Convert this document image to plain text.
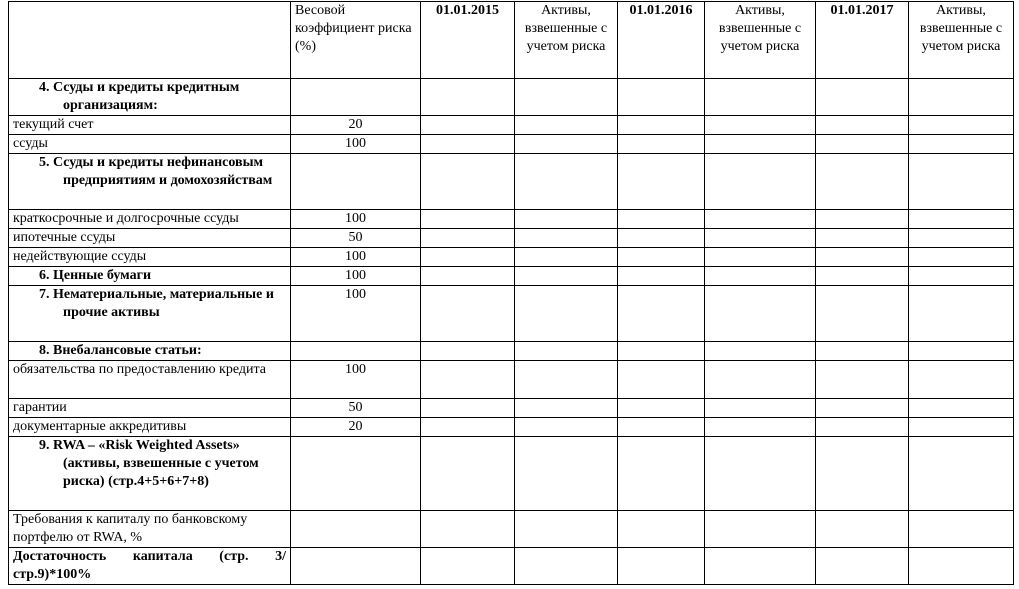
	Весовой коэффициент риска (%)	01.01.2015	Активы, взвешенные с учетом риска	01.01.2016	Активы, взвешенные с учетом риска	01.01.2017	Активы, взвешенные с учетом риска
4. Ссуды и кредиты кредитным организациям:							
текущий счет	20						
ссуды	100						
5. Ссуды и кредиты нефинансовым предприятиям и домохозяйствам							
краткосрочные и долгосрочные ссуды	100						
ипотечные ссуды	50						
недействующие ссуды	100						
6. Ценные бумаги	100						
7. Нематериальные, материальные и прочие активы	100						
8. Внебалансовые статьи:							
обязательства по предоставлению кредита	100						
гарантии	50						
документарные аккредитивы	20						
9. RWA – «Risk Weighted Assets» (активы, взвешенные с учетом риска) (стр.4+5+6+7+8)							
Требования к капиталу по банковскому портфелю от RWA, %							
Достаточность капитала (стр. 3/стр.9)*100%							
